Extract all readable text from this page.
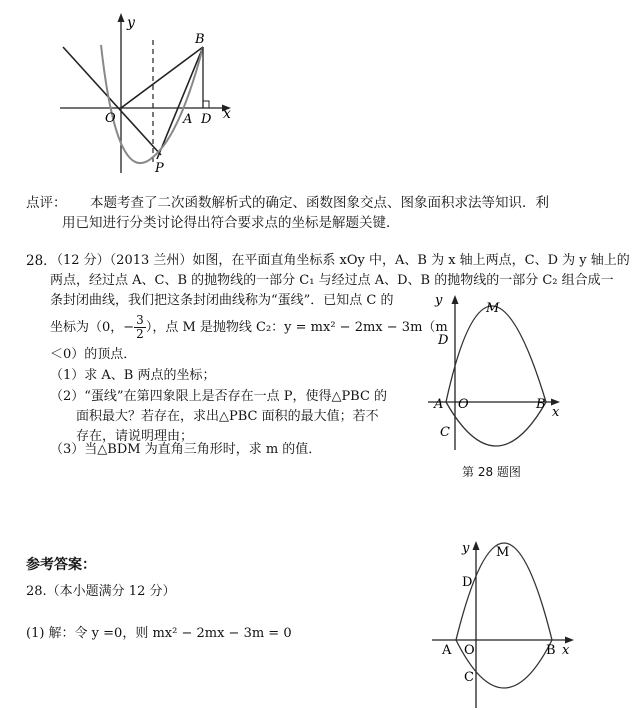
y
x
B
O	A D
P
点评： 本题考查了二次函数解析式的确定、函数图象交点、图象面积求法等知识．利
用已知进行分类讨论得出符合要求点的坐标是解题关键．
28．
（12 分）（2013 兰州）如图，在平面直角坐标系 xOy 中，A、B 为 x 轴上两点，C、D 为 y 轴上的
两点，经过点 A、C、B 的抛物线的一部分 C₁ 与经过点 A、D、B 的抛物线的一部分 C₂ 组合成一
条封闭曲线，我们把这条封闭曲线称为“蛋线”．已知点 C 的
坐标为（0，− $\frac{3}{2}$ ），点 M 是抛物线 C₂：y = mx² − 2mx − 3m（m
＜0）的顶点．
（1）求 A、B 两点的坐标；
（2）“蛋线”在第四象限上是否存在一点 P，使得△PBC 的
面积最大？若存在，求出△PBC 面积的最大值；若不
存在，请说明理由；
（3）当△BDM 为直角三角形时，求 m 的值．
y
x
M
D
A O	B
C
第 28 题图
参考答案：
28.（本小题满分 12 分）
(1) 解：令 y =0，则 mx² − 2mx − 3m = 0
y
x
M
D
A O	B
C
